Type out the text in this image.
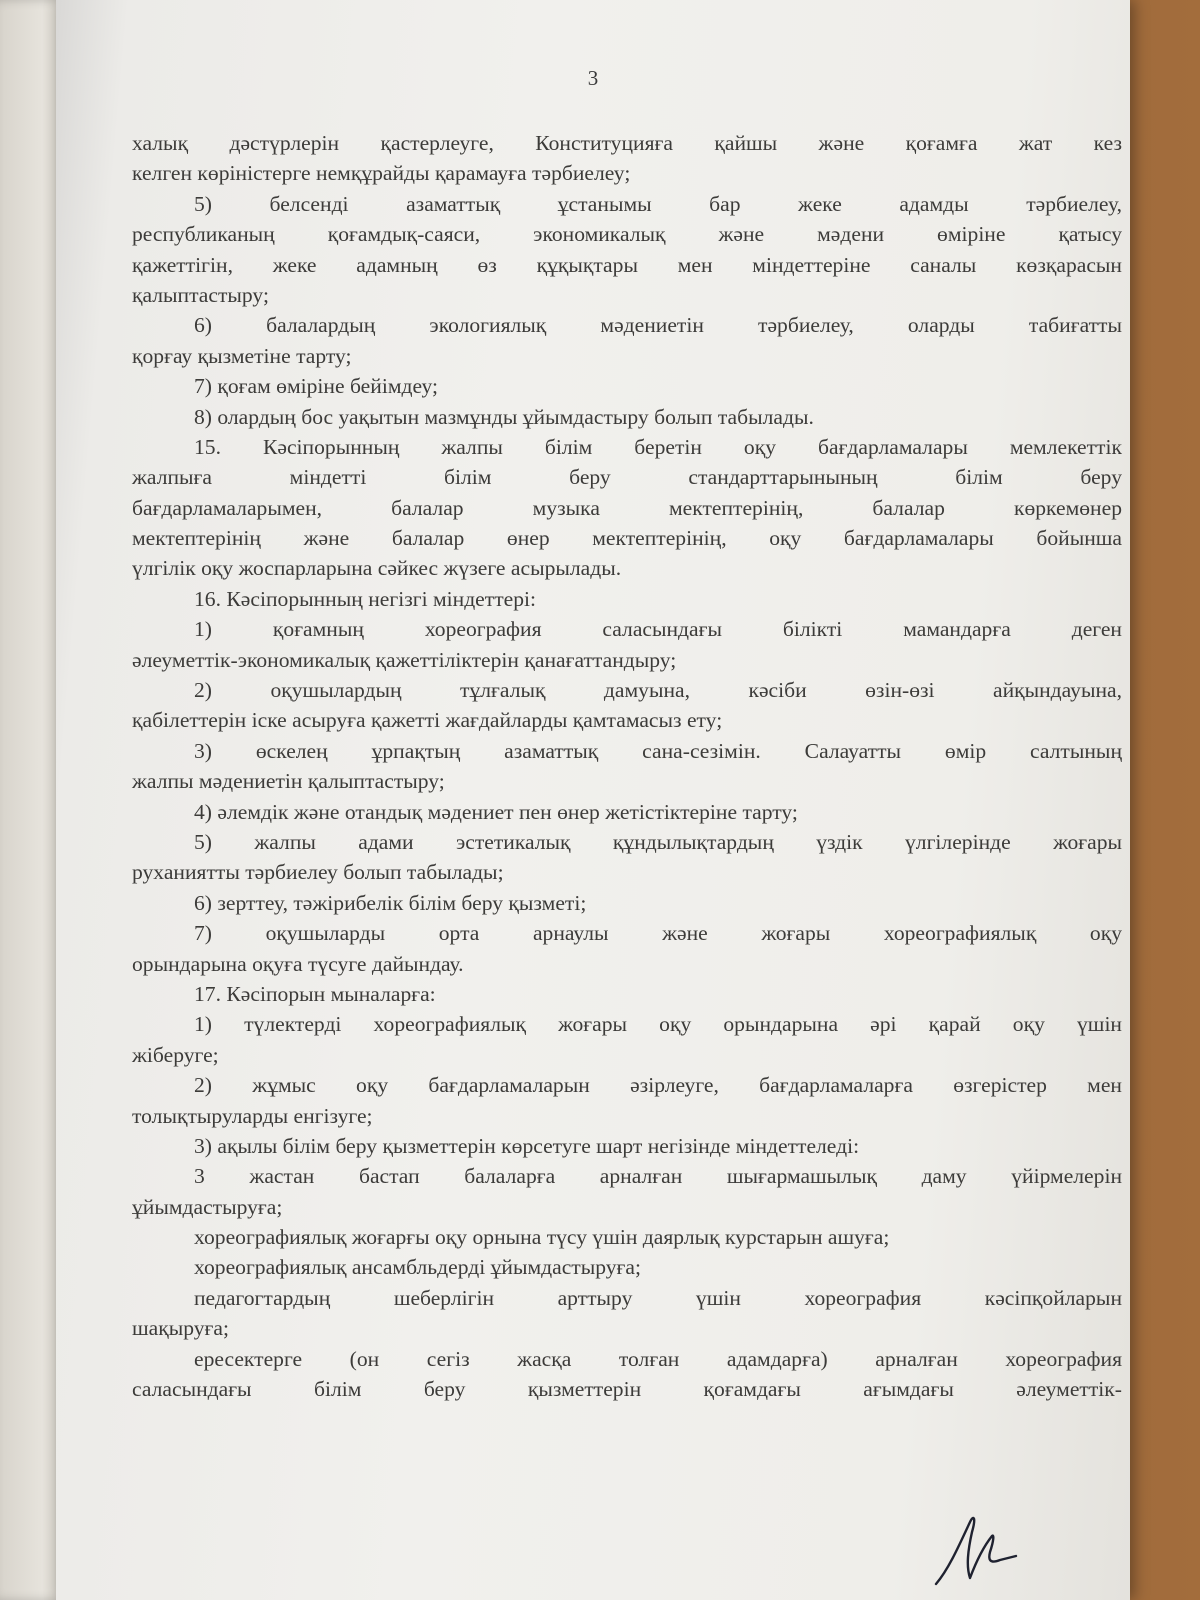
3
халық дәстүрлерін қастерлеуге, Конституцияға қайшы және қоғамға жат кез
келген көріністерге немқұрайды қарамауға тәрбиелеу;
5) белсенді азаматтық ұстанымы бар жеке адамды тәрбиелеу,
республиканың қоғамдық-саяси, экономикалық және мәдени өміріне қатысу
қажеттігін, жеке адамның өз құқықтары мен міндеттеріне саналы көзқарасын
қалыптастыру;
6) балалардың экологиялық мәдениетін тәрбиелеу, оларды табиғатты
қорғау қызметіне тарту;
7) қоғам өміріне бейімдеу;
8) олардың бос уақытын мазмұнды ұйымдастыру болып табылады.
15. Кәсіпорынның жалпы білім беретін оқу бағдарламалары мемлекеттік
жалпыға міндетті білім беру стандарттарынының білім беру
бағдарламаларымен, балалар музыка мектептерінің, балалар көркемөнер
мектептерінің және балалар өнер мектептерінің, оқу бағдарламалары бойынша
үлгілік оқу жоспарларына сәйкес жүзеге асырылады.
16. Кәсіпорынның негізгі міндеттері:
1) қоғамның хореография саласындағы білікті мамандарға деген
әлеуметтік-экономикалық қажеттіліктерін қанағаттандыру;
2) оқушылардың тұлғалық дамуына, кәсіби өзін-өзі айқындауына,
қабілеттерін іске асыруға қажетті жағдайларды қамтамасыз ету;
3) өскелең ұрпақтың азаматтық сана-сезімін. Салауатты өмір салтының
жалпы мәдениетін қалыптастыру;
4) әлемдік және отандық мәдениет пен өнер жетістіктеріне тарту;
5) жалпы адами эстетикалық құндылықтардың үздік үлгілерінде жоғары
руханиятты тәрбиелеу болып табылады;
6) зерттеу, тәжірибелік білім беру қызметі;
7) оқушыларды орта арнаулы және жоғары хореографиялық оқу
орындарына оқуға түсуге дайындау.
17. Кәсіпорын мыналарға:
1) түлектерді хореографиялық жоғары оқу орындарына әрі қарай оқу үшін
жіберуге;
2) жұмыс оқу бағдарламаларын әзірлеуге, бағдарламаларға өзгерістер мен
толықтыруларды енгізуге;
3) ақылы білім беру қызметтерін көрсетуге шарт негізінде міндеттеледі:
3 жастан бастап балаларға арналған шығармашылық даму үйірмелерін
ұйымдастыруға;
хореографиялық жоғарғы оқу орнына түсу үшін даярлық курстарын ашуға;
хореографиялық ансамбльдерді ұйымдастыруға;
педагогтардың шеберлігін арттыру үшін хореография кәсіпқойларын
шақыруға;
ересектерге (он сегіз жасқа толған адамдарға) арналған хореография
саласындағы білім беру қызметтерін қоғамдағы ағымдағы әлеуметтік-
